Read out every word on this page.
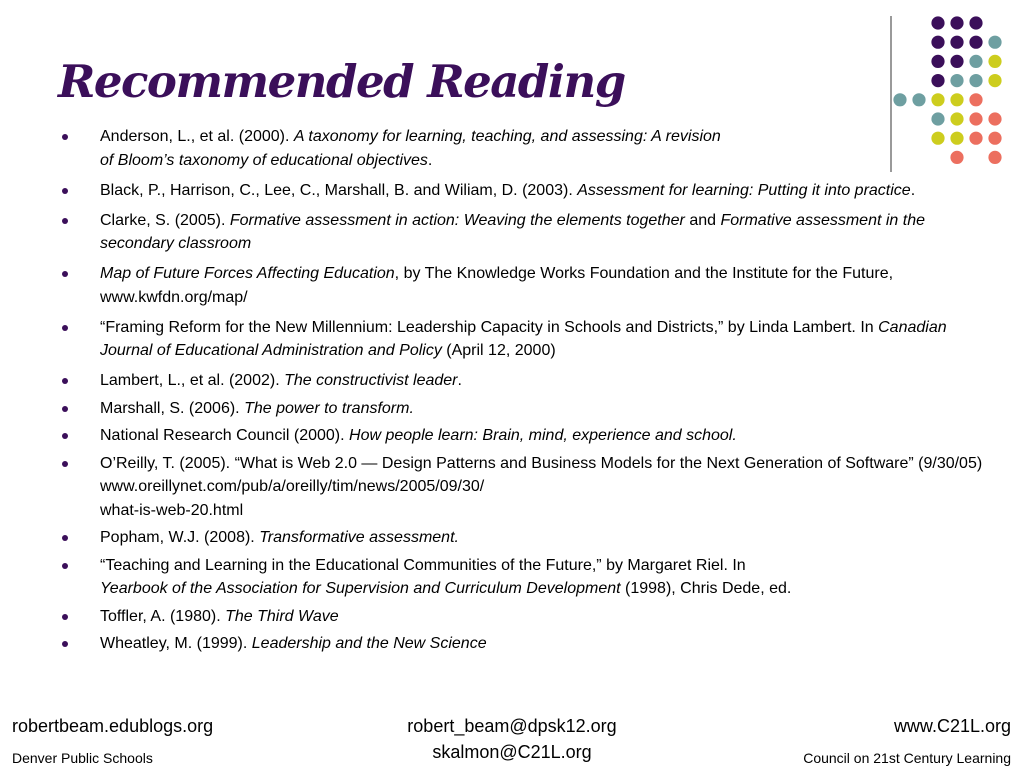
Recommended Reading
Anderson, L., et al. (2000). A taxonomy for learning, teaching, and assessing: A revision
of Bloom’s taxonomy of educational objectives.
Black, P., Harrison, C., Lee, C., Marshall, B. and Wiliam, D. (2003). Assessment for learning: Putting it into practice.
Clarke, S. (2005). Formative assessment in action: Weaving the elements together and Formative assessment in the secondary classroom
Map of Future Forces Affecting Education, by The Knowledge Works Foundation and the Institute for the Future, www.kwfdn.org/map/
“Framing Reform for the New Millennium: Leadership Capacity in Schools and Districts,” by Linda Lambert. In Canadian Journal of Educational Administration and Policy (April 12, 2000)
Lambert, L., et al. (2002). The constructivist leader.
Marshall, S. (2006). The power to transform.
National Research Council (2000). How people learn: Brain, mind, experience and school.
O’Reilly, T. (2005). “What is Web 2.0 — Design Patterns and Business Models for the Next Generation of Software” (9/30/05) www.oreillynet.com/pub/a/oreilly/tim/news/2005/09/30/
what-is-web-20.html
Popham, W.J. (2008). Transformative assessment.
“Teaching and Learning in the Educational Communities of the Future,” by Margaret Riel. In
Yearbook of the Association for Supervision and Curriculum Development (1998), Chris Dede, ed.
Toffler, A. (1980). The Third Wave
Wheatley, M. (1999). Leadership and the New Science
robertbeam.edublogs.org
Denver Public Schools
robert_beam@dpsk12.org
skalmon@C21L.org
www.C21L.org
Council on 21st Century Learning
